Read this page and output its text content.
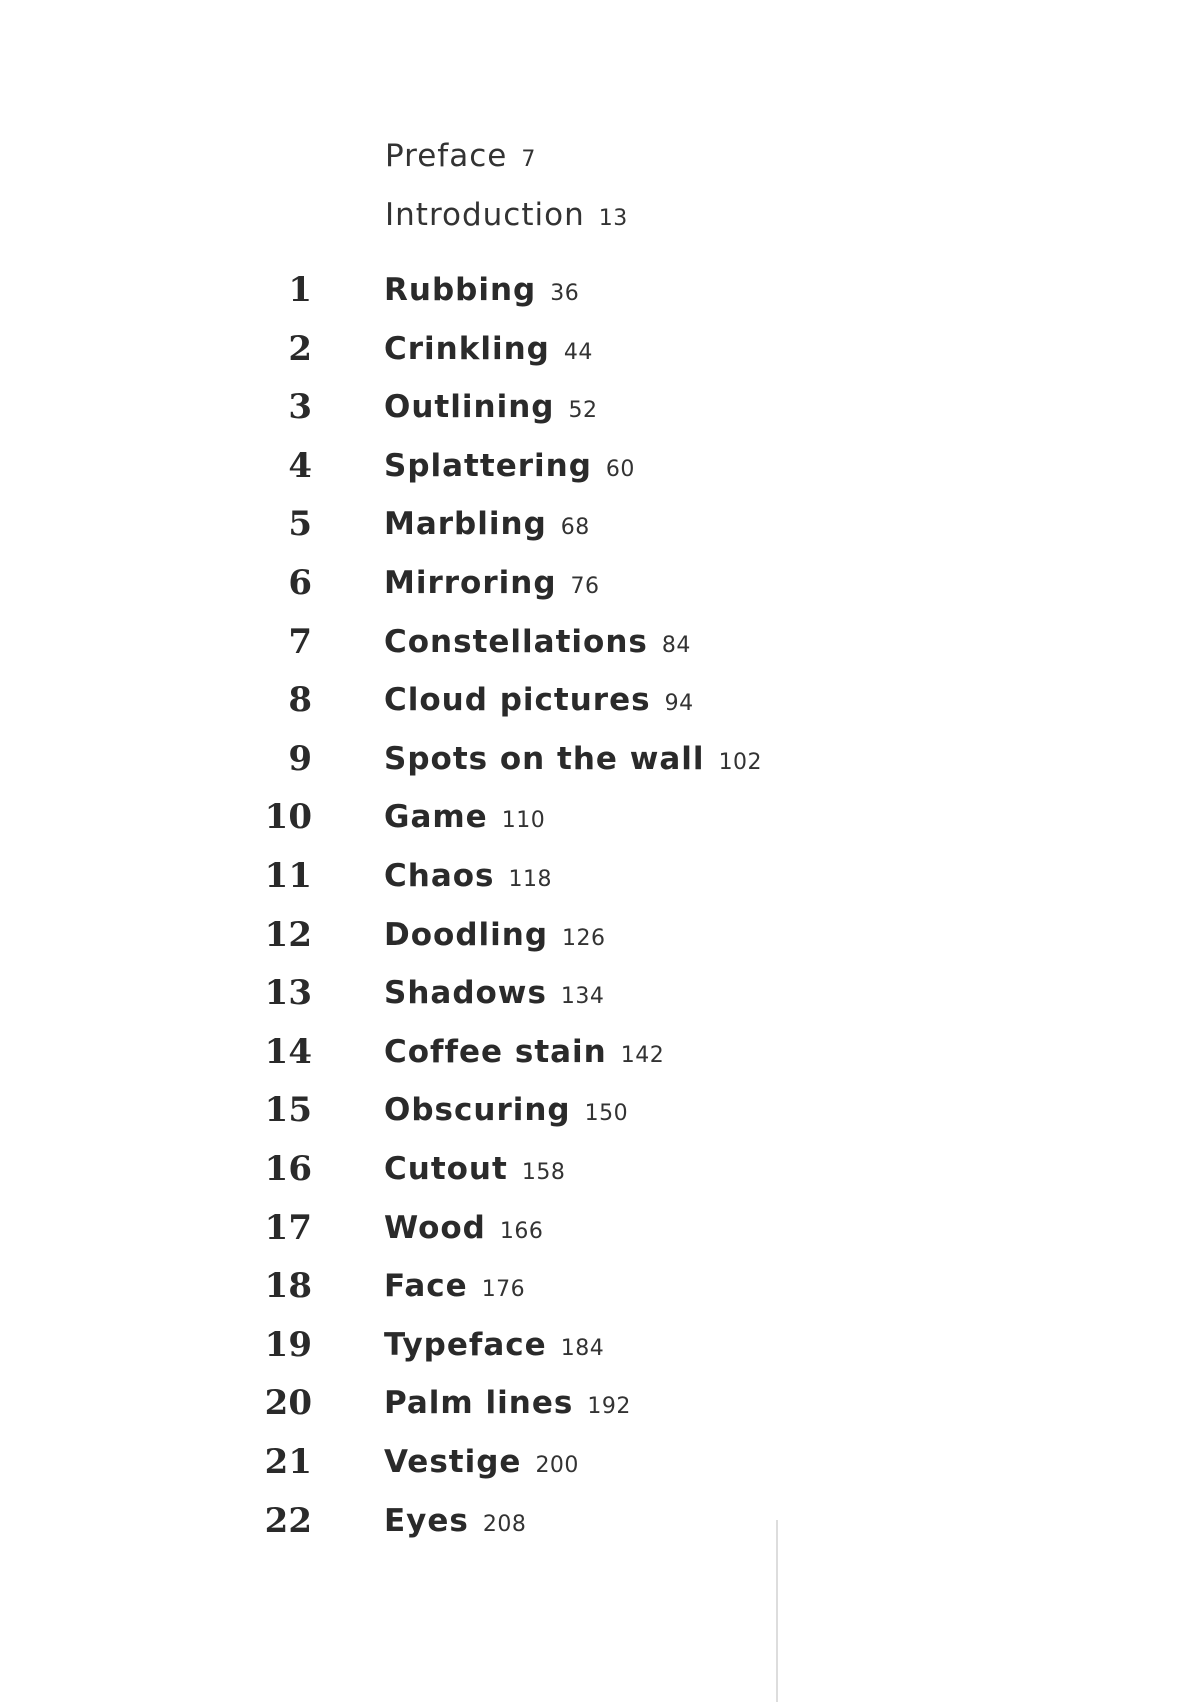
Preface 7
Introduction 13
1 Rubbing 36
2 Crinkling 44
3 Outlining 52
4 Splattering 60
5 Marbling 68
6 Mirroring 76
7 Constellations 84
8 Cloud pictures 94
9 Spots on the wall 102
10 Game 110
11 Chaos 118
12 Doodling 126
13 Shadows 134
14 Coffee stain 142
15 Obscuring 150
16 Cutout 158
17 Wood 166
18 Face 176
19 Typeface 184
20 Palm lines 192
21 Vestige 200
22 Eyes 208
